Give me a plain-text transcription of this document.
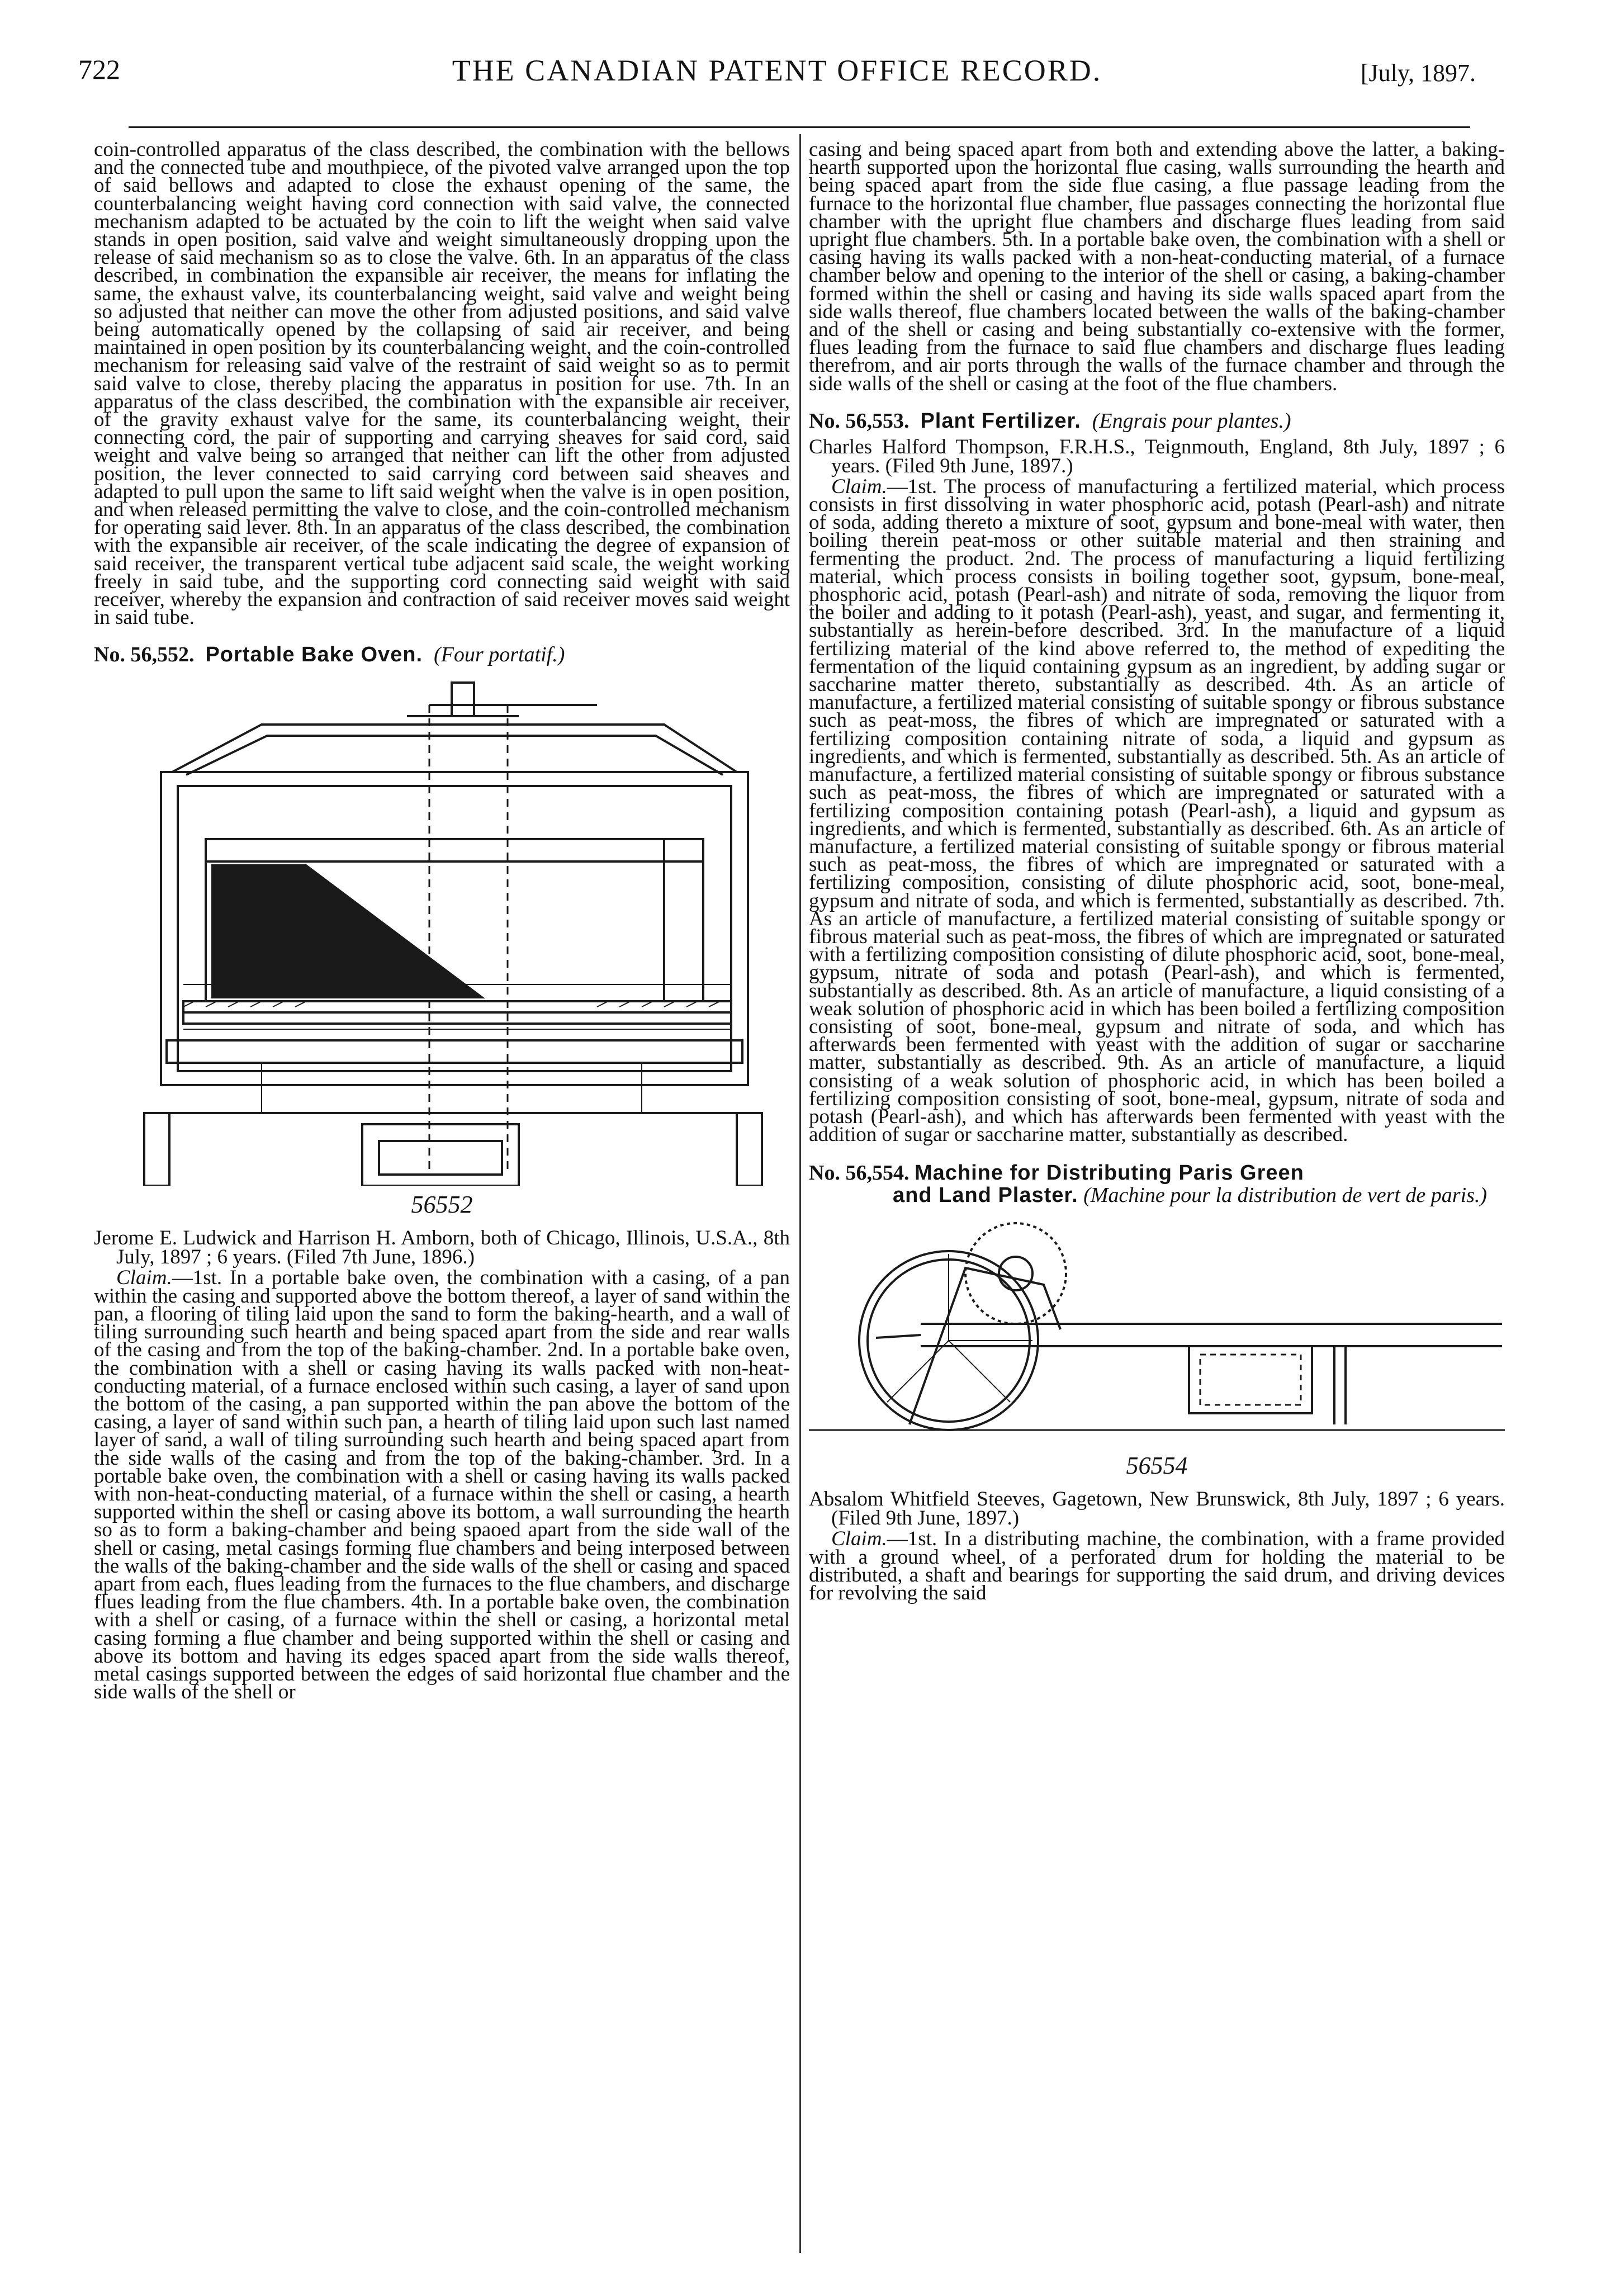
722	THE CANADIAN PATENT OFFICE RECORD.	[July, 1897.

coin-controlled apparatus of the class described, the combination with the bellows and the connected tube and mouthpiece, of the pivoted valve arranged upon the top of said bellows and adapted to close the exhaust opening of the same, the counterbalancing weight having cord connection with said valve, the connected mechanism adapted to be actuated by the coin to lift the weight when said valve stands in open position, said valve and weight simultaneously dropping upon the release of said mechanism so as to close the valve. 6th. In an apparatus of the class described, in combination the expansible air receiver, the means for inflating the same, the exhaust valve, its counterbalancing weight, said valve and weight being so adjusted that neither can move the other from adjusted positions, and said valve being automatically opened by the collapsing of said air receiver, and being maintained in open position by its counterbalancing weight, and the coin-controlled mechanism for releasing said valve of the restraint of said weight so as to permit said valve to close, thereby placing the apparatus in position for use. 7th. In an apparatus of the class described, the combination with the expansible air receiver, of the gravity exhaust valve for the same, its counterbalancing weight, their connecting cord, the pair of supporting and carrying sheaves for said cord, said weight and valve being so arranged that neither can lift the other from adjusted position, the lever connected to said carrying cord between said sheaves and adapted to pull upon the same to lift said weight when the valve is in open position, and when released permitting the valve to close, and the coin-controlled mechanism for operating said lever. 8th. In an apparatus of the class described, the combination with the expansible air receiver, of the scale indicating the degree of expansion of said receiver, the transparent vertical tube adjacent said scale, the weight working freely in said tube, and the supporting cord connecting said weight with said receiver, whereby the expansion and contraction of said receiver moves said weight in said tube.

No. 56,552. Portable Bake Oven. (Four portatif.)
56552

Jerome E. Ludwick and Harrison H. Amborn, both of Chicago, Illinois, U.S.A., 8th July, 1897 ; 6 years. (Filed 7th June, 1896.)

Claim.—1st. In a portable bake oven, the combination with a casing, of a pan within the casing and supported above the bottom thereof, a layer of sand within the pan, a flooring of tiling laid upon the sand to form the baking-hearth, and a wall of tiling surrounding such hearth and being spaced apart from the side and rear walls of the casing and from the top of the baking-chamber. 2nd. In a portable bake oven, the combination with a shell or casing having its walls packed with non-heat-conducting material, of a furnace enclosed within such casing, a layer of sand upon the bottom of the casing, a pan supported within the pan above the bottom of the casing, a layer of sand within such pan, a hearth of tiling laid upon such last named layer of sand, a wall of tiling surrounding such hearth and being spaced apart from the side walls of the casing and from the top of the baking-chamber. 3rd. In a portable bake oven, the combination with a shell or casing having its walls packed with non-heat-conducting material, of a furnace within the shell or casing, a hearth supported within the shell or casing above its bottom, a wall surrounding the hearth so as to form a baking-chamber and being spaoed apart from the side wall of the shell or casing, metal casings forming flue chambers and being interposed between the walls of the baking-chamber and the side walls of the shell or casing and spaced apart from each, flues leading from the furnaces to the flue chambers, and discharge flues leading from the flue chambers. 4th. In a portable bake oven, the combination with a shell or casing, of a furnace within the shell or casing, a horizontal metal casing forming a flue chamber and being supported within the shell or casing and above its bottom and having its edges spaced apart from the side walls thereof, metal casings supported between the edges of said horizontal flue chamber and the side walls of the shell or

casing and being spaced apart from both and extending above the latter, a baking-hearth supported upon the horizontal flue casing, walls surrounding the hearth and being spaced apart from the side flue casing, a flue passage leading from the furnace to the horizontal flue chamber, flue passages connecting the horizontal flue chamber with the upright flue chambers and discharge flues leading from said upright flue chambers. 5th. In a portable bake oven, the combination with a shell or casing having its walls packed with a non-heat-conducting material, of a furnace chamber below and opening to the interior of the shell or casing, a baking-chamber formed within the shell or casing and having its side walls spaced apart from the side walls thereof, flue chambers located between the walls of the baking-chamber and of the shell or casing and being substantially co-extensive with the former, flues leading from the furnace to said flue chambers and discharge flues leading therefrom, and air ports through the walls of the furnace chamber and through the side walls of the shell or casing at the foot of the flue chambers.

No. 56,553. Plant Fertilizer. (Engrais pour plantes.)

Charles Halford Thompson, F.R.H.S., Teignmouth, England, 8th July, 1897 ; 6 years. (Filed 9th June, 1897.)

Claim.—1st. The process of manufacturing a fertilized material, which process consists in first dissolving in water phosphoric acid, potash (Pearl-ash) and nitrate of soda, adding thereto a mixture of soot, gypsum and bone-meal with water, then boiling therein peat-moss or other suitable material and then straining and fermenting the product. 2nd. The process of manufacturing a liquid fertilizing material, which process consists in boiling together soot, gypsum, bone-meal, phosphoric acid, potash (Pearl-ash) and nitrate of soda, removing the liquor from the boiler and adding to it potash (Pearl-ash), yeast, and sugar, and fermenting it, substantially as herein-before described. 3rd. In the manufacture of a liquid fertilizing material of the kind above referred to, the method of expediting the fermentation of the liquid containing gypsum as an ingredient, by adding sugar or saccharine matter thereto, substantially as described. 4th. As an article of manufacture, a fertilized material consisting of suitable spongy or fibrous substance such as peat-moss, the fibres of which are impregnated or saturated with a fertilizing composition containing nitrate of soda, a liquid and gypsum as ingredients, and which is fermented, substantially as described. 5th. As an article of manufacture, a fertilized material consisting of suitable spongy or fibrous substance such as peat-moss, the fibres of which are impregnated or saturated with a fertilizing composition containing potash (Pearl-ash), a liquid and gypsum as ingredients, and which is fermented, substantially as described. 6th. As an article of manufacture, a fertilized material consisting of suitable spongy or fibrous material such as peat-moss, the fibres of which are impregnated or saturated with a fertilizing composition, consisting of dilute phosphoric acid, soot, bone-meal, gypsum and nitrate of soda, and which is fermented, substantially as described. 7th. As an article of manufacture, a fertilized material consisting of suitable spongy or fibrous material such as peat-moss, the fibres of which are impregnated or saturated with a fertilizing composition consisting of dilute phosphoric acid, soot, bone-meal, gypsum, nitrate of soda and potash (Pearl-ash), and which is fermented, substantially as described. 8th. As an article of manufacture, a liquid consisting of a weak solution of phosphoric acid in which has been boiled a fertilizing composition consisting of soot, bone-meal, gypsum and nitrate of soda, and which has afterwards been fermented with yeast with the addition of sugar or saccharine matter, substantially as described. 9th. As an article of manufacture, a liquid consisting of a weak solution of phosphoric acid, in which has been boiled a fertilizing composition consisting of soot, bone-meal, gypsum, nitrate of soda and potash (Pearl-ash), and which has afterwards been fermented with yeast with the addition of sugar or saccharine matter, substantially as described.

No. 56,554. Machine for Distributing Paris Green
and Land Plaster. (Machine pour la distribution de vert de paris.)
56554

Absalom Whitfield Steeves, Gagetown, New Brunswick, 8th July, 1897 ; 6 years. (Filed 9th June, 1897.)

Claim.—1st. In a distributing machine, the combination, with a frame provided with a ground wheel, of a perforated drum for holding the material to be distributed, a shaft and bearings for supporting the said drum, and driving devices for revolving the said
